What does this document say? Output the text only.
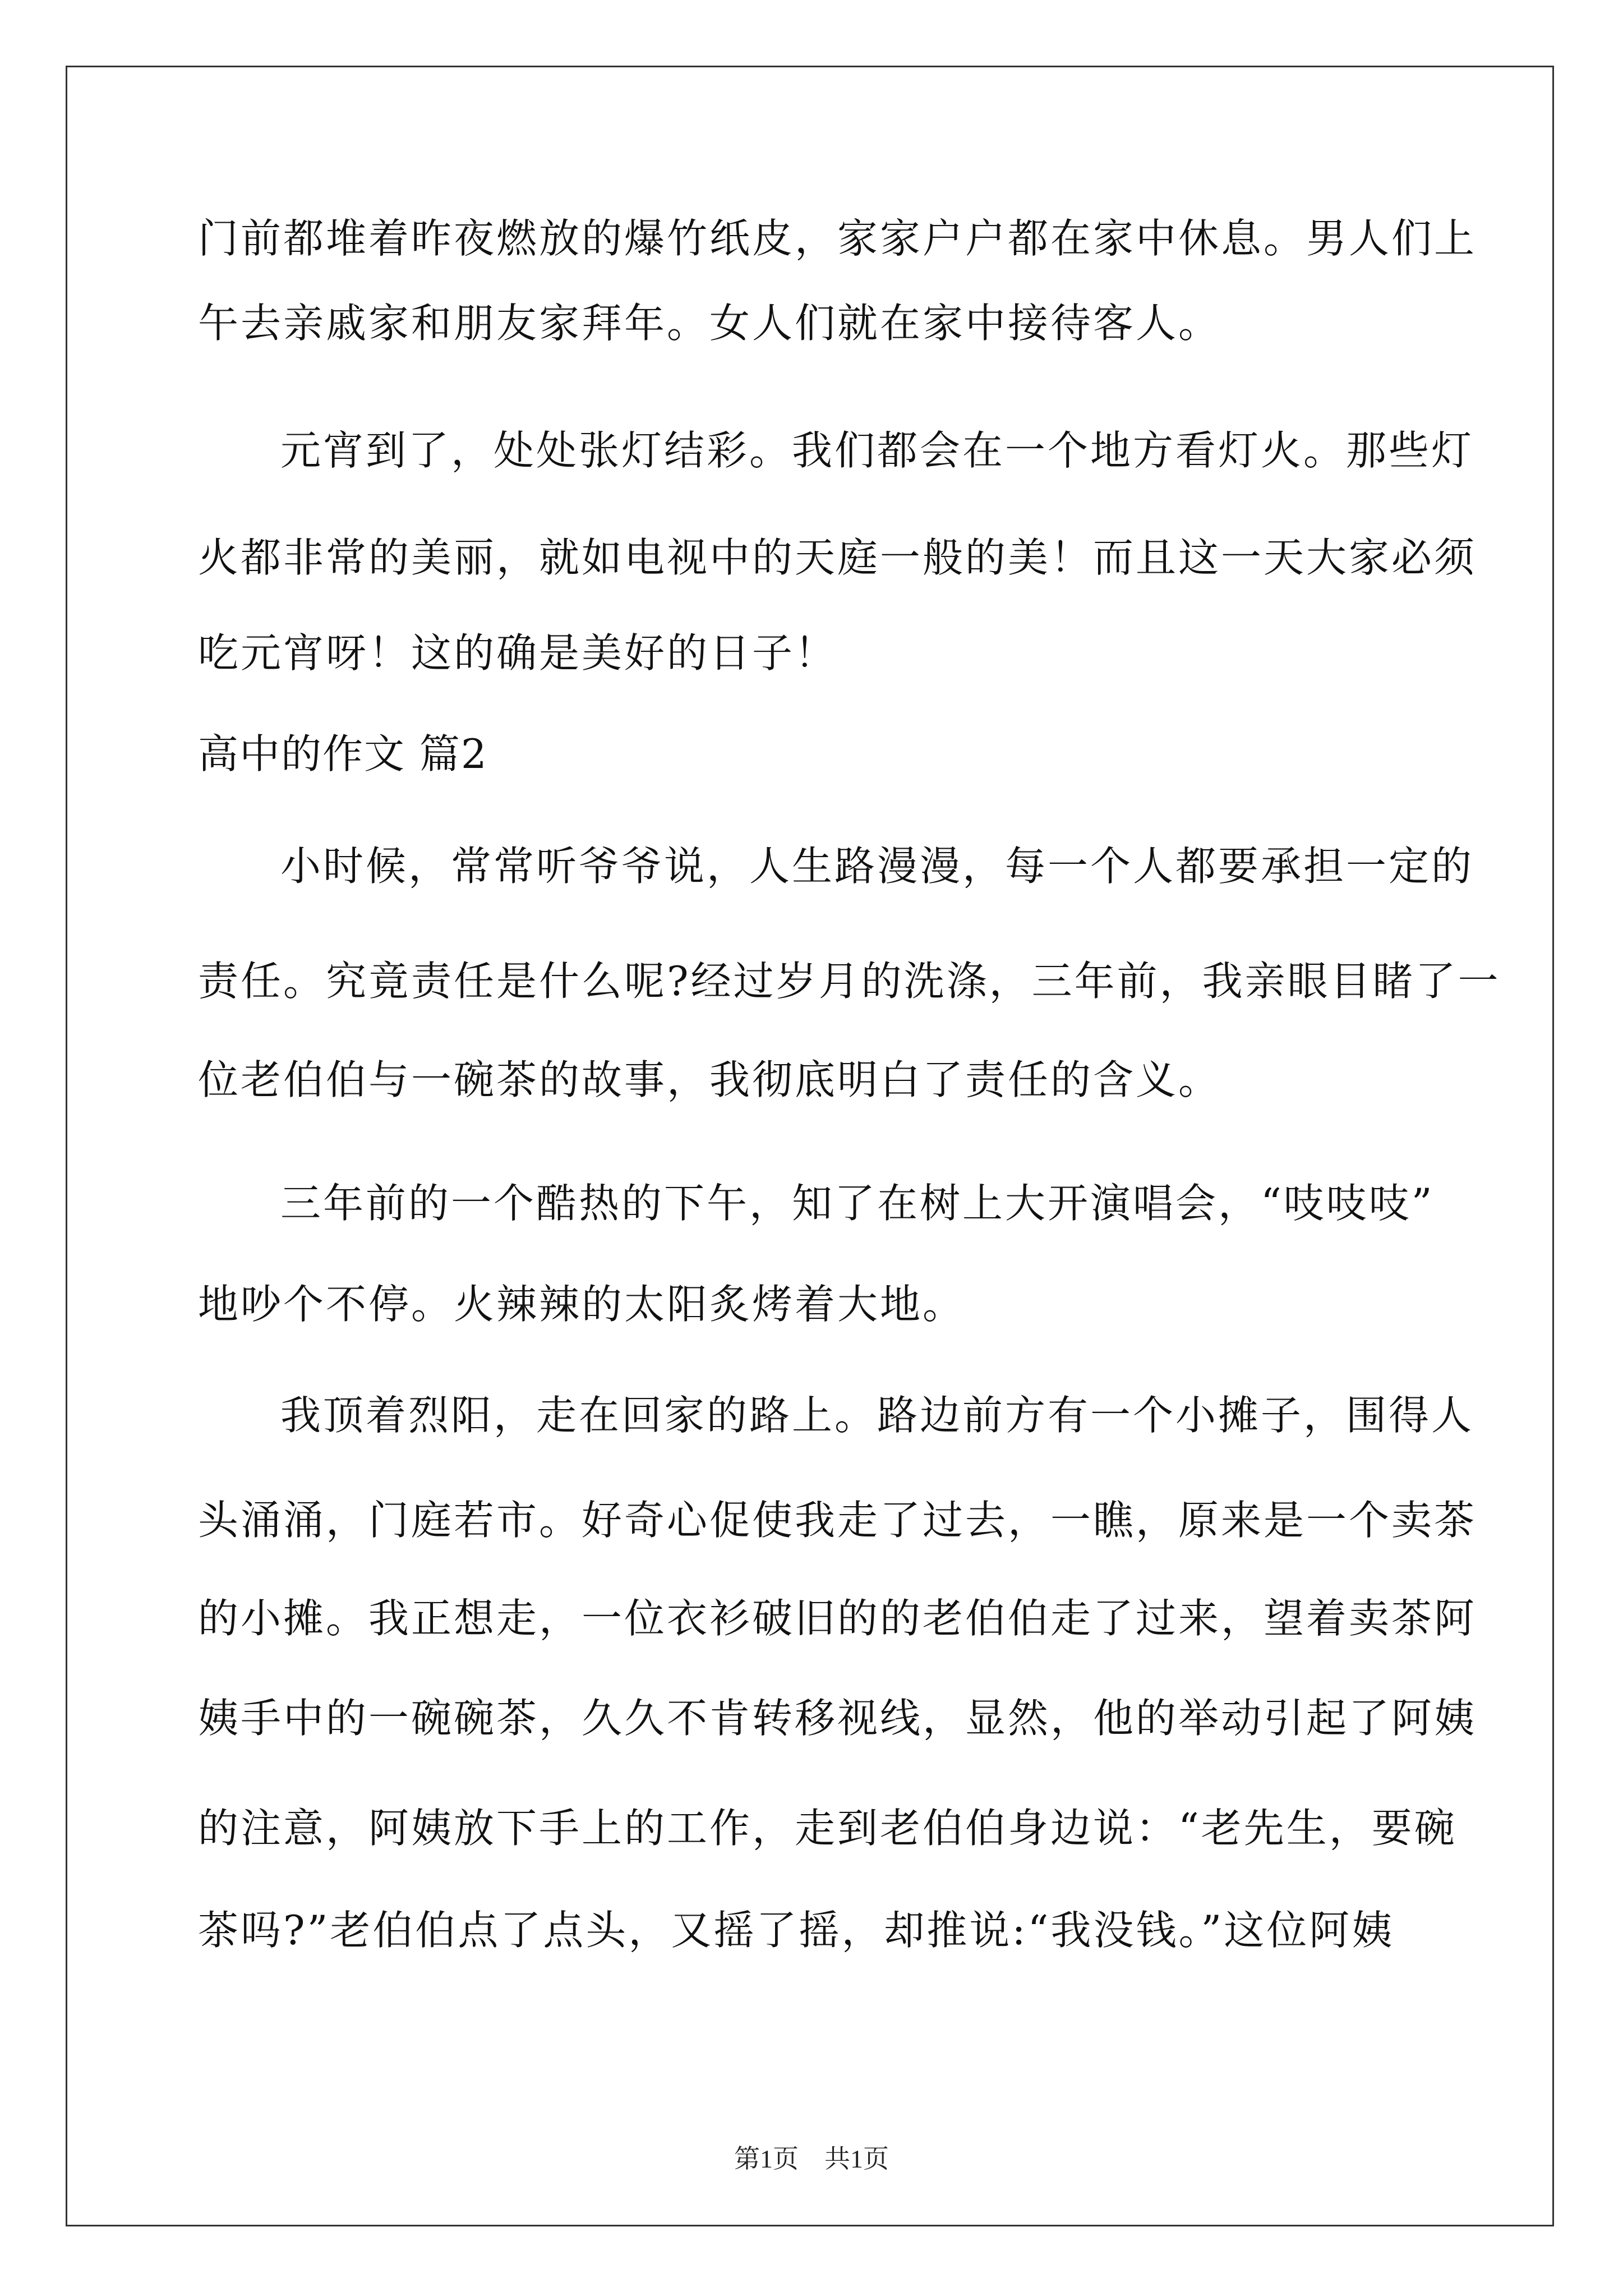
门前都堆着昨夜燃放的爆竹纸皮，家家户户都在家中休息。男人们上
午去亲戚家和朋友家拜年。女人们就在家中接待客人。
元宵到了，处处张灯结彩。我们都会在一个地方看灯火。那些灯
火都非常的美丽，就如电视中的天庭一般的美！而且这一天大家必须
吃元宵呀！这的确是美好的日子！
高中的作文 篇2
小时候，常常听爷爷说，人生路漫漫，每一个人都要承担一定的
责任。究竟责任是什么呢?经过岁月的洗涤，三年前，我亲眼目睹了一
位老伯伯与一碗茶的故事，我彻底明白了责任的含义。
三年前的一个酷热的下午，知了在树上大开演唱会，“吱吱吱”
地吵个不停。火辣辣的太阳炙烤着大地。
我顶着烈阳，走在回家的路上。路边前方有一个小摊子，围得人
头涌涌，门庭若市。好奇心促使我走了过去，一瞧，原来是一个卖茶
的小摊。我正想走，一位衣衫破旧的的老伯伯走了过来，望着卖茶阿
姨手中的一碗碗茶，久久不肯转移视线，显然，他的举动引起了阿姨
的注意，阿姨放下手上的工作，走到老伯伯身边说：“老先生，要碗
茶吗?”老伯伯点了点头，又摇了摇，却推说:“我没钱。”这位阿姨
第1页　共1页
